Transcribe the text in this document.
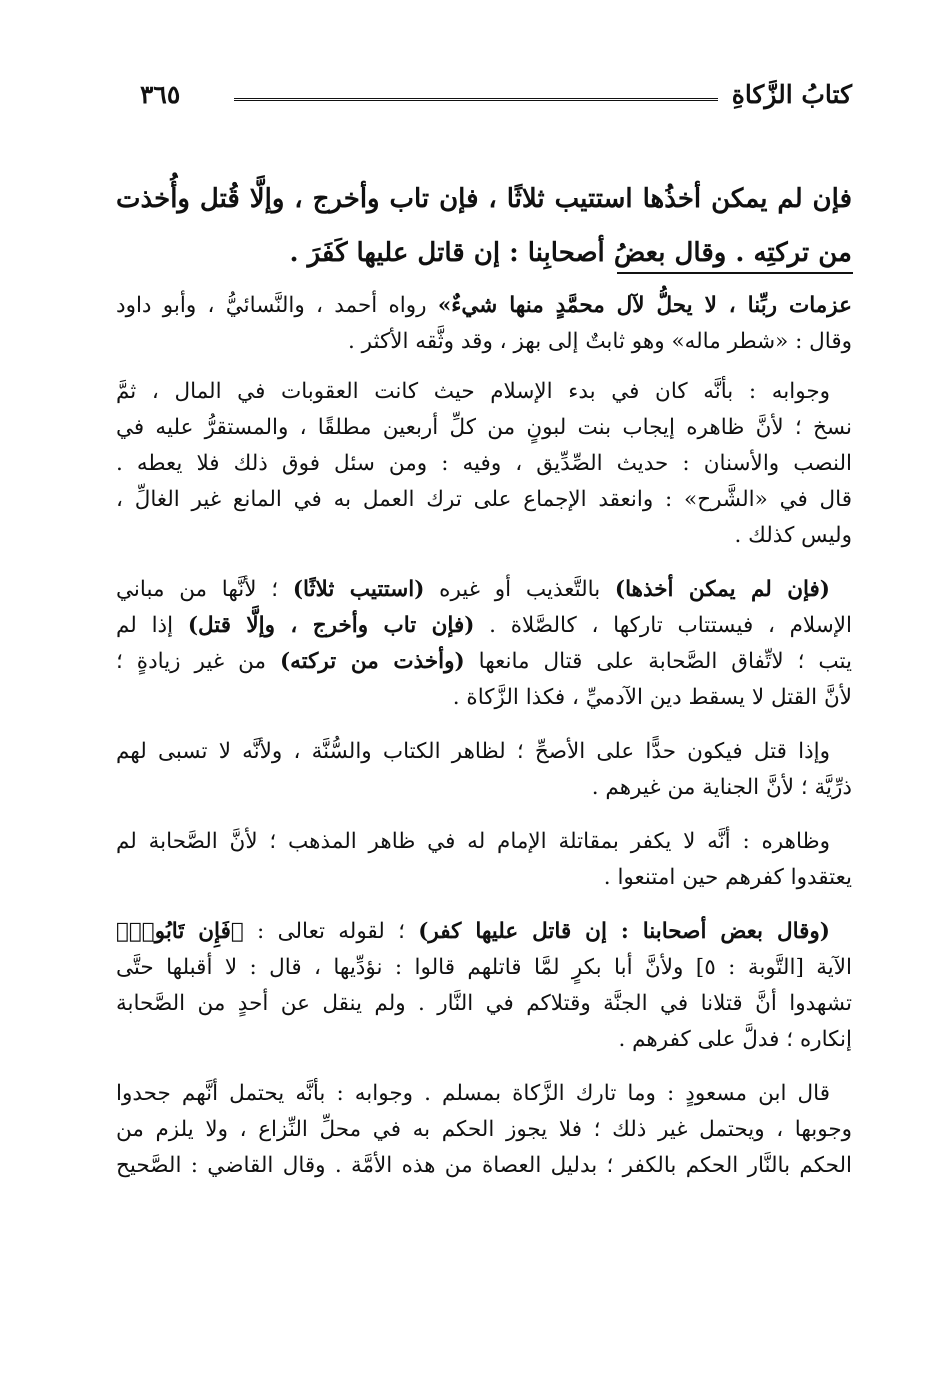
كتابُ الزَّكاةِ
٣٦٥
فإن لم يمكن أخذُها استتيب ثلاثًا ، فإن تاب وأخرج ، وإلَّا قُتل وأُخذت
من تركتِه . وقال بعضُ أصحابِنا : إن قاتل عليها كَفَرَ .
عزمات ربِّنا ، لا يحلُّ لآل محمَّدٍ منها شيءٌ» رواه أحمد ، والنَّسائيُّ ، وأبو داود
وقال : «شطر ماله» وهو ثابتٌ إلى بهز ، وقد وثَّقه الأكثر .
وجوابه : بأنَّه كان في بدء الإسلام حيث كانت العقوبات في المال ، ثمَّ
نسخ ؛ لأنَّ ظاهره إيجاب بنت لبونٍ من كلِّ أربعين مطلقًا ، والمستقرُّ عليه في
النصب والأسنان : حديث الصِّدِّيق ، وفيه : ومن سئل فوق ذلك فلا يعطه .
قال في «الشَّرح» : وانعقد الإجماع على ترك العمل به في المانع غير الغالِّ ،
وليس كذلك .
(فإن لم يمكن أخذها) بالتَّعذيب أو غيره (استتيب ثلاثًا) ؛ لأنَّها من مباني
الإسلام ، فيستتاب تاركها ، كالصَّلاة . (فإن تاب وأخرج ، وإلَّا قتل) إذا لم
يتب ؛ لاتِّفاق الصَّحابة على قتال مانعها (وأخذت من تركته) من غير زيادةٍ ؛
لأنَّ القتل لا يسقط دين الآدميِّ ، فكذا الزَّكاة .
وإذا قتل فيكون حدًّا على الأصحِّ ؛ لظاهر الكتاب والسُّنَّة ، ولأنَّه لا تسبى لهم
ذرِّيَّة ؛ لأنَّ الجناية من غيرهم .
وظاهره : أنَّه لا يكفر بمقاتلة الإمام له في ظاهر المذهب ؛ لأنَّ الصَّحابة لم
يعتقدوا كفرهم حين امتنعوا .
(وقال بعض أصحابنا : إن قاتل عليها كفر) ؛ لقوله تعالى : ﴿فَإِن تَابُوا۟﴾
الآية [التَّوبة : ٥] ولأنَّ أبا بكرٍ لمَّا قاتلهم قالوا : نؤدِّيها ، قال : لا أقبلها حتَّى
تشهدوا أنَّ قتلانا في الجنَّة وقتلاكم في النَّار . ولم ينقل عن أحدٍ من الصَّحابة
إنكاره ؛ فدلَّ على كفرهم .
قال ابن مسعودٍ : وما تارك الزَّكاة بمسلم . وجوابه : بأنَّه يحتمل أنَّهم جحدوا
وجوبها ، ويحتمل غير ذلك ؛ فلا يجوز الحكم به في محلِّ النِّزاع ، ولا يلزم من
الحكم بالنَّار الحكم بالكفر ؛ بدليل العصاة من هذه الأمَّة . وقال القاضي : الصَّحيح
